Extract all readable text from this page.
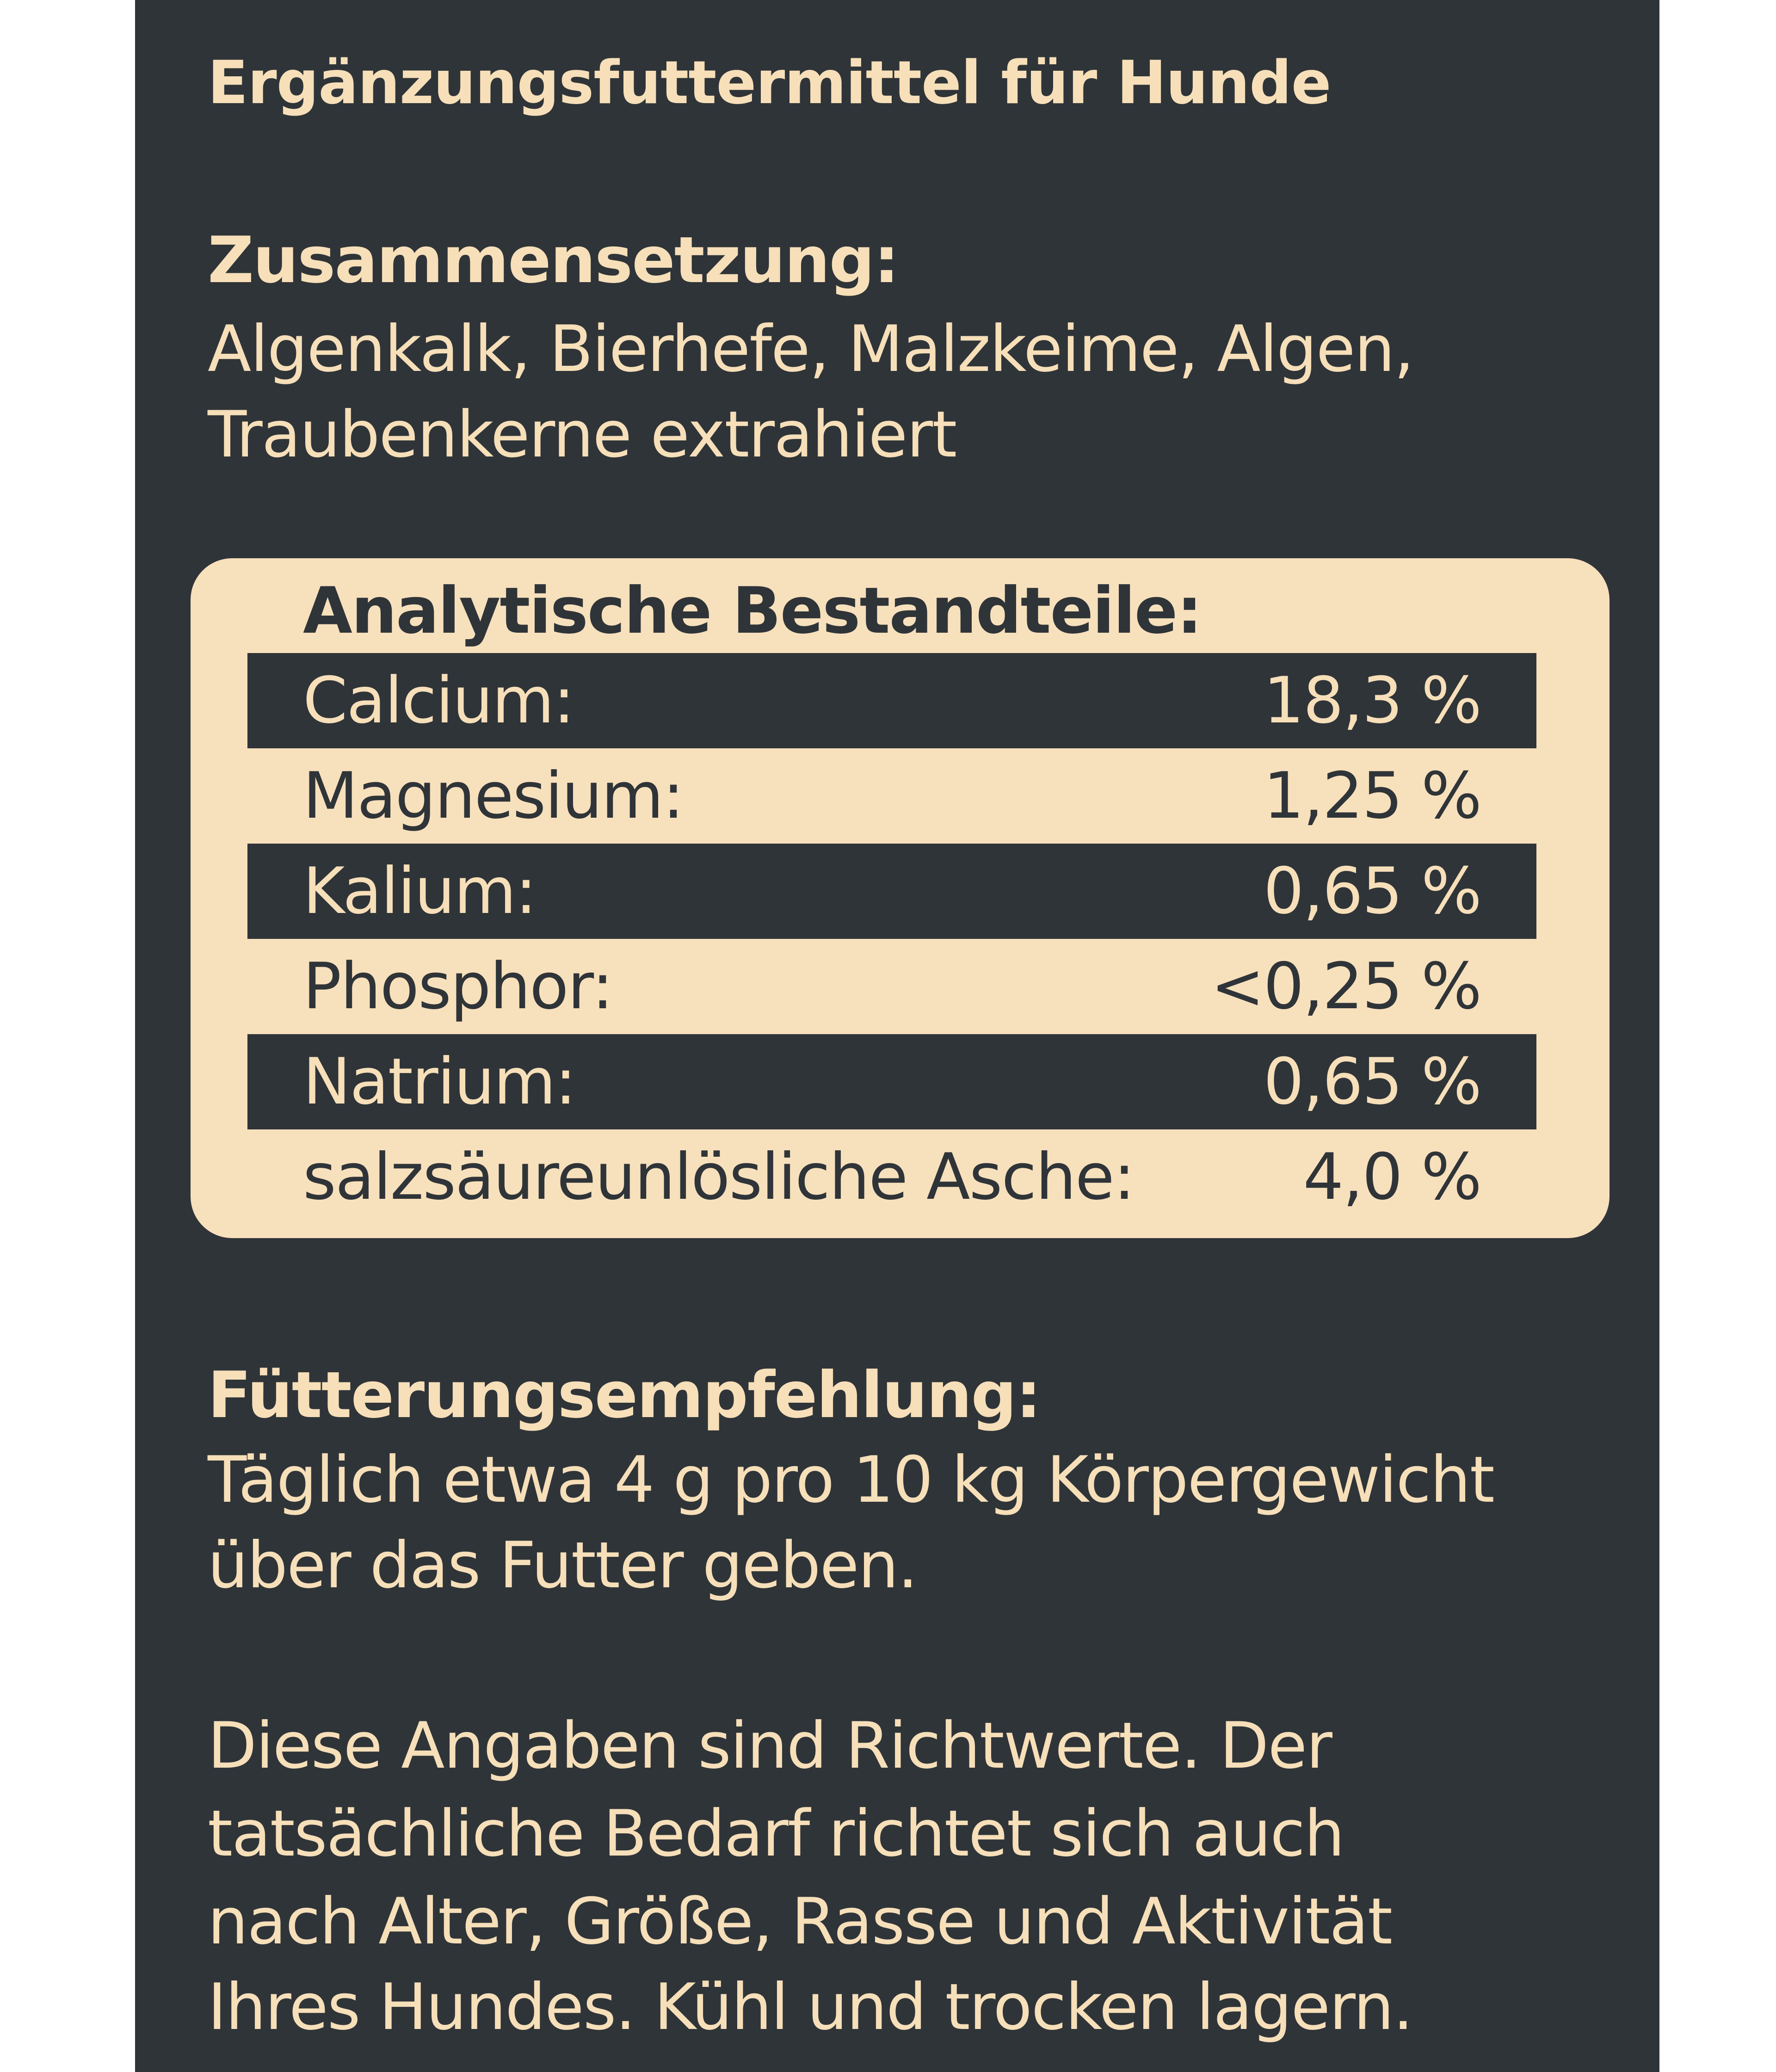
Ergänzungsfuttermittel für Hunde
Zusammensetzung:
Algenkalk, Bierhefe, Malzkeime, Algen,
Traubenkerne extrahiert
Analytische Bestandteile:
Calcium:	18,3 %
Magnesium:	1,25 %
Kalium:	0,65 %
Phosphor:	<0,25 %
Natrium:	0,65 %
salzsäureunlösliche Asche:	4,0 %
Fütterungsempfehlung:
Täglich etwa 4 g pro 10 kg Körpergewicht
über das Futter geben.
Diese Angaben sind Richtwerte. Der
tatsächliche Bedarf richtet sich auch
nach Alter, Größe, Rasse und Aktivität
Ihres Hundes. Kühl und trocken lagern.
